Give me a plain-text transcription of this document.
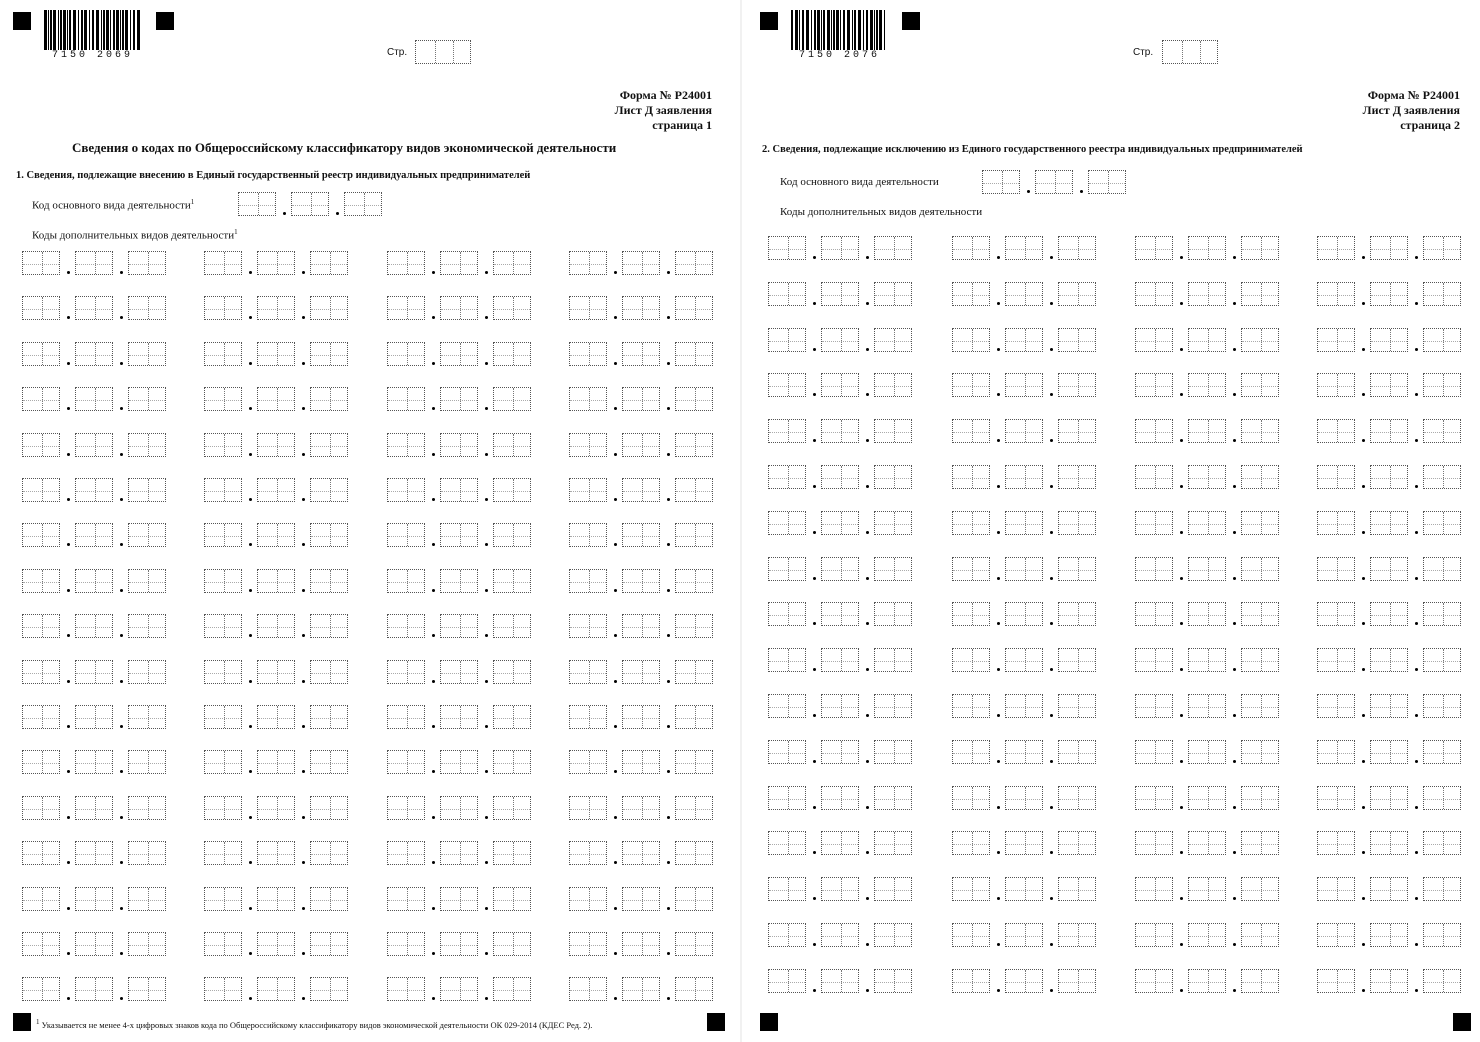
7150 2069	Стр.
Форма № Р24001
Лист Д заявления
страница 1
Сведения о кодах по Общероссийскому классификатору видов экономической деятельности
1. Сведения, подлежащие внесению в Единый государственный реестр индивидуальных предпринимателей
Код основного вида деятельности$^1$
Коды дополнительных видов деятельности$^1$
$^1$ Указывается не менее 4-х цифровых знаков кода по Общероссийскому классификатору видов экономической деятельности ОК 029-2014 (КДЕС Ред. 2).
7150 2076	Стр.
Форма № Р24001
Лист Д заявления
страница 2
2. Сведения, подлежащие исключению из Единого государственного реестра индивидуальных предпринимателей
Код основного вида деятельности
Коды дополнительных видов деятельности
